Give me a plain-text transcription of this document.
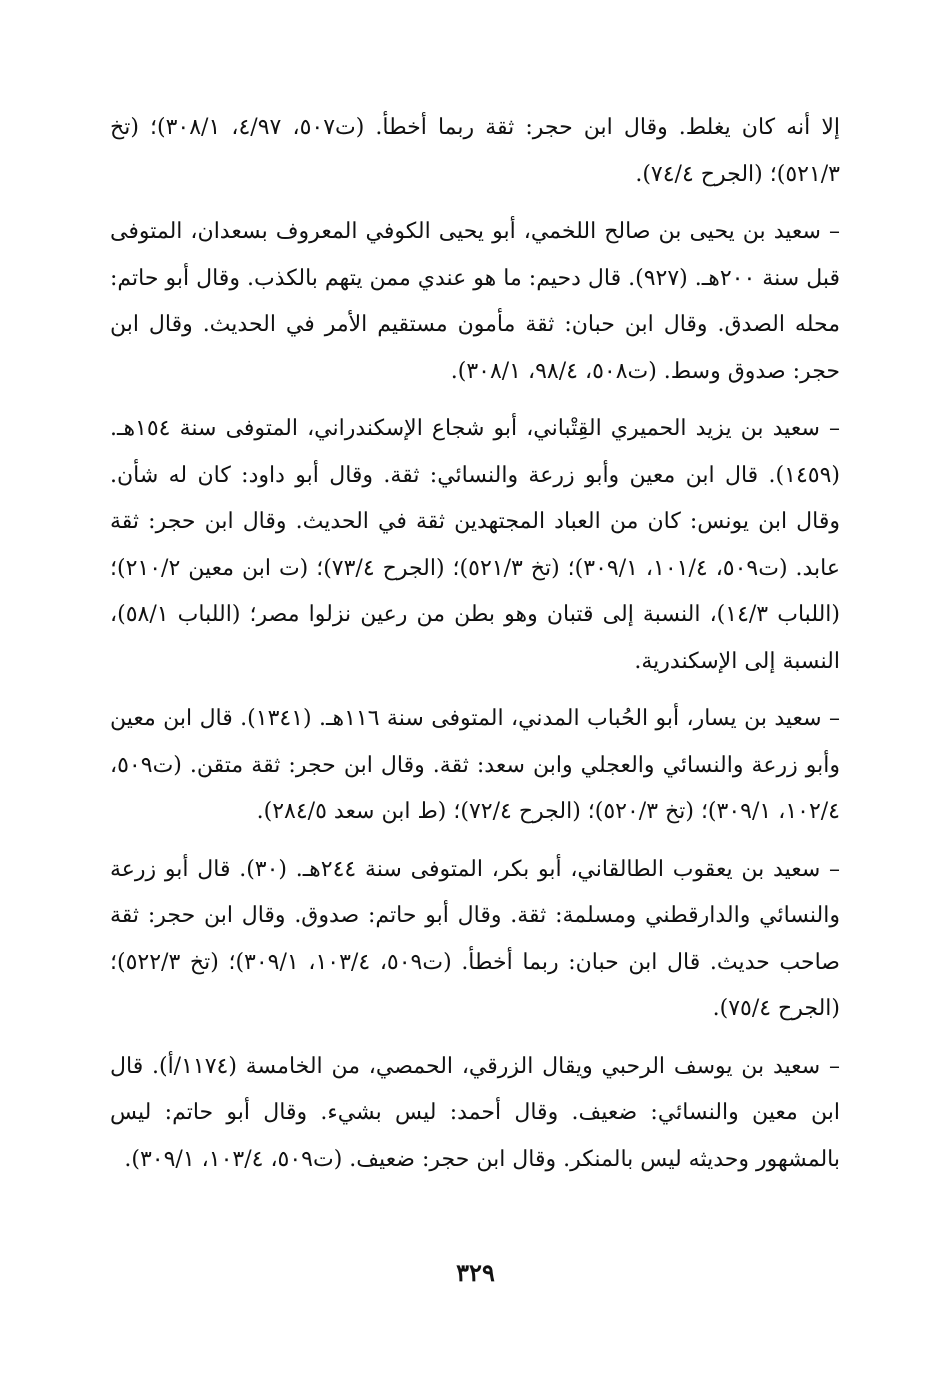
إلا أنه كان يغلط. وقال ابن حجر: ثقة ربما أخطأ. (ت٥٠٧، ٤/٩٧، ٣٠٨/١)؛ (تخ ٥٢١/٣)؛ (الجرح ٧٤/٤).

– سعيد بن يحيى بن صالح اللخمي، أبو يحيى الكوفي المعروف بسعدان، المتوفى قبل سنة ٢٠٠هـ. (٩٢٧). قال دحيم: ما هو عندي ممن يتهم بالكذب. وقال أبو حاتم: محله الصدق. وقال ابن حبان: ثقة مأمون مستقيم الأمر في الحديث. وقال ابن حجر: صدوق وسط. (ت٥٠٨، ٩٨/٤، ٣٠٨/١).

– سعيد بن يزيد الحميري القِتْباني، أبو شجاع الإسكندراني، المتوفى سنة ١٥٤هـ. (١٤٥٩). قال ابن معين وأبو زرعة والنسائي: ثقة. وقال أبو داود: كان له شأن. وقال ابن يونس: كان من العباد المجتهدين ثقة في الحديث. وقال ابن حجر: ثقة عابد. (ت٥٠٩، ١٠١/٤، ٣٠٩/١)؛ (تخ ٥٢١/٣)؛ (الجرح ٧٣/٤)؛ (ت ابن معين ٢١٠/٢)؛ (اللباب ١٤/٣)، النسبة إلى قتبان وهو بطن من رعين نزلوا مصر؛ (اللباب ٥٨/١)، النسبة إلى الإسكندرية.

– سعيد بن يسار، أبو الحُباب المدني، المتوفى سنة ١١٦هـ. (١٣٤١). قال ابن معين وأبو زرعة والنسائي والعجلي وابن سعد: ثقة. وقال ابن حجر: ثقة متقن. (ت٥٠٩، ١٠٢/٤، ٣٠٩/١)؛ (تخ ٥٢٠/٣)؛ (الجرح ٧٢/٤)؛ (ط ابن سعد ٢٨٤/٥).

– سعيد بن يعقوب الطالقاني، أبو بكر، المتوفى سنة ٢٤٤هـ. (٣٠). قال أبو زرعة والنسائي والدارقطني ومسلمة: ثقة. وقال أبو حاتم: صدوق. وقال ابن حجر: ثقة صاحب حديث. قال ابن حبان: ربما أخطأ. (ت٥٠٩، ١٠٣/٤، ٣٠٩/١)؛ (تخ ٥٢٢/٣)؛ (الجرح ٧٥/٤).

– سعيد بن يوسف الرحبي ويقال الزرقي، الحمصي، من الخامسة (١١٧٤/أ). قال ابن معين والنسائي: ضعيف. وقال أحمد: ليس بشيء. وقال أبو حاتم: ليس بالمشهور وحديثه ليس بالمنكر. وقال ابن حجر: ضعيف. (ت٥٠٩، ١٠٣/٤، ٣٠٩/١).

٣٢٩
